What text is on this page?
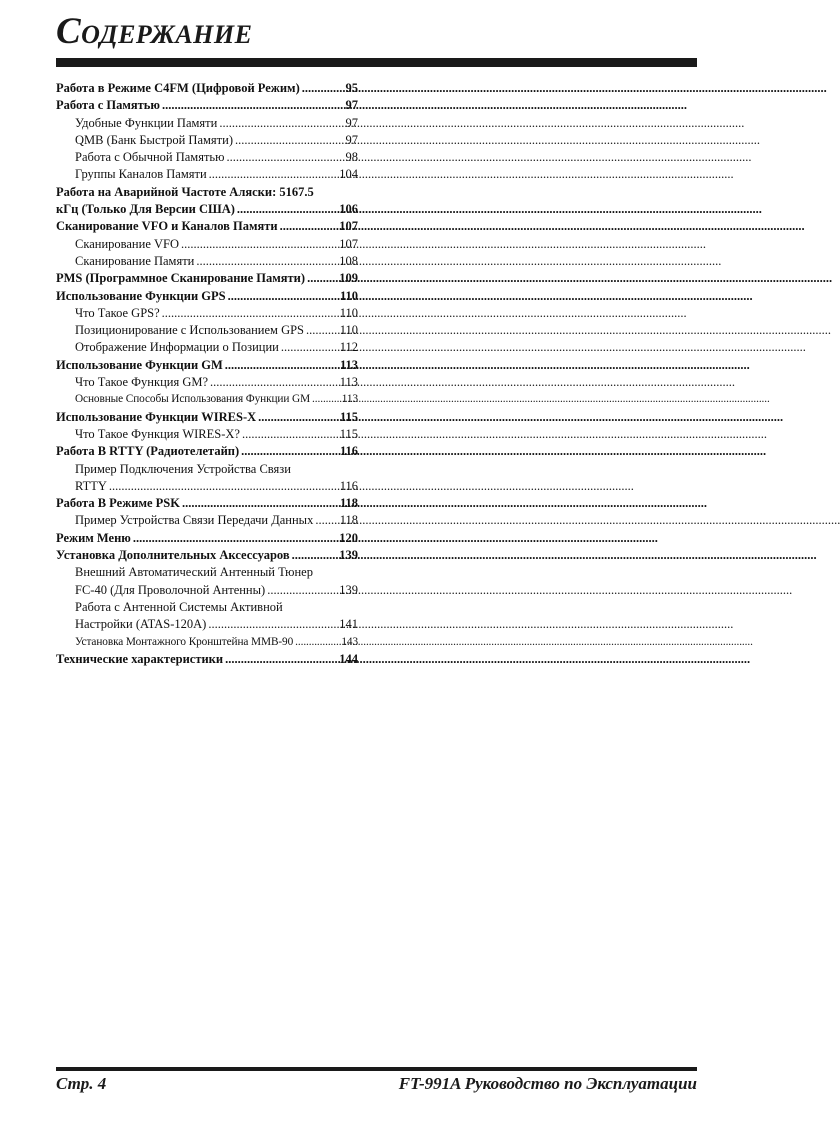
Содержание
Работа в Режиме C4FM (Цифровой Режим) .....	95
Работа с Памятью .....	97
Удобные Функции Памяти .....	97
QMB (Банк Быстрой Памяти) .....	97
Работа с Обычной Памятью .....	98
Группы Каналов Памяти .....	104
Работа на Аварийной Частоте Аляски: 5167.5
кГц (Только Для Версии США) .....	106
Сканирование VFO и Каналов Памяти .....	107
Сканирование VFO .....	107
Сканирование Памяти .....	108
PMS (Программное Сканирование Памяти) .....	109
Использование Функции GPS .....	110
Что Такое GPS? .....	110
Позиционирование с Использованием GPS .....	110
Отображение Информации о Позиции .....	112
Использование Функции GM .....	113
Что Такое Функция GM? .....	113
Основные Способы Использования Функции GM .....	113
Использование Функции WIRES-X .....	115
Что Такое Функция WIRES-X? .....	115
Работа В RTTY (Радиотелетайп) .....	116
Пример Подключения Устройства Связи
RTTY .....	116
Работа В Режиме PSK .....	118
Пример Устройства Связи Передачи Данных ..... 118
Режим Меню .....	120
Установка Дополнительных Аксессуаров .....	139
Внешний Автоматический Антенный Тюнер
FC-40 (Для Проволочной Антенны) .....	139
Работа с Антенной Системы Активной
Настройки (ATAS-120A) .....	141
Установка Монтажного Кронштейна MMB-90 .....	143
Технические характеристики .....	144
Стр. 4	FT-991A Руководство по Эксплуатации
